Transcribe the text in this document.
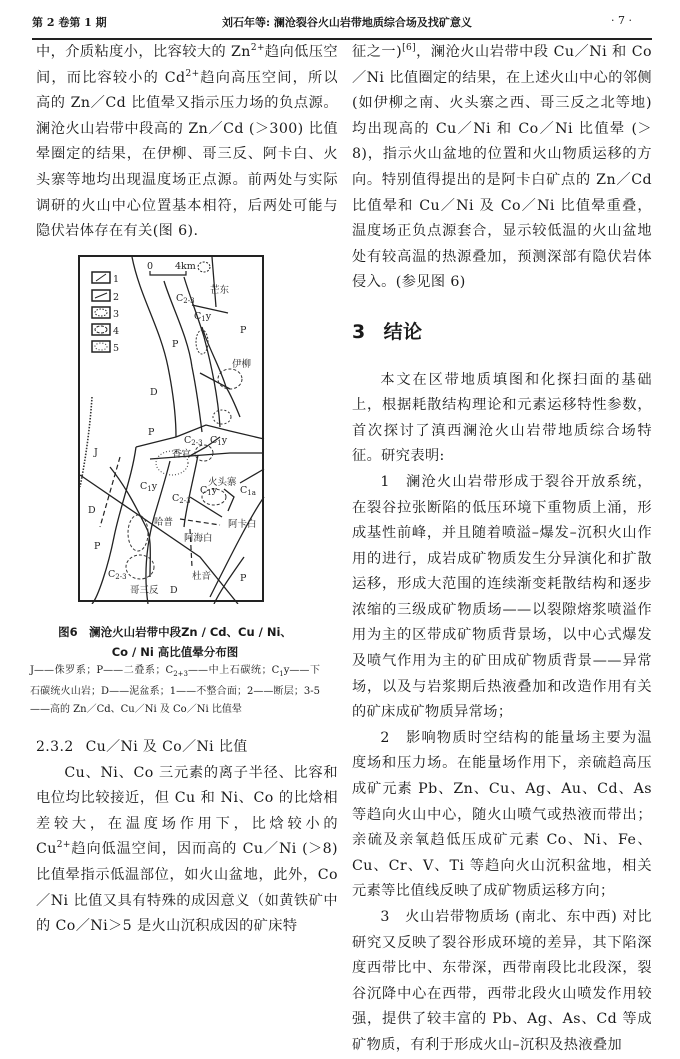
第 2 卷第 1 期	刘石年等: 澜沧裂谷火山岩带地质综合场及找矿意义	· 7 ·

中，介质粘度小，比容较大的 $Zn^{2+}$趋向低压空间，而比容较小的 $Cd^{2+}$趋向高压空间，所以高的 Zn／Cd 比值晕又指示压力场的负点源。澜沧火山岩带中段高的 Zn／Cd (＞300) 比值晕圈定的结果，在伊柳、哥三反、阿卡白、火头寨等地均出现温度场正点源。前两处与实际调研的火山中心位置基本相符，后两处可能与隐伏岩体存在有关(图 6).

1
2
3
4
5
0 4km
芒东
伊柳
香官
火头寨
阿卡白
哈普
阿海白
哥三反
杜音
$C_{2-3}$
$C_1y$
P
P
D
P
$C_{2-3}$ $C_1y$
J
$C_1y$
$C_{2-3}$
$C_1y$ $C_{1a}$
D
P
$C_{2-3}$
D
P
图6　澜沧火山岩带中段Zn / Cd、Cu / Ni、
Co / Ni 高比值晕分布图
J——侏罗系；P——二叠系；$C_{2+3}——$中上石碳统；$C_1y——$下石碳统火山岩；D——泥盆系；1——不整合面；2——断层；3-5——高的 Zn／Cd、Cu／Ni 及 Co／Ni 比值晕
2.3.2 Cu／Ni 及 Co／Ni 比值

Cu、Ni、Co 三元素的离子半径、比容和电位均比较接近，但 Cu 和 Ni、Co 的比焓相差较大，在温度场作用下，比焓较小的 $Cu^{2+}$趋向低温空间，因而高的 Cu／Ni (＞8) 比值晕指示低温部位，如火山盆地，此外，Co／Ni 比值又具有特殊的成因意义（如黄铁矿中的 Co／Ni＞5 是火山沉积成因的矿床特

征之一)[6]，澜沧火山岩带中段 Cu／Ni 和 Co／Ni 比值圈定的结果，在上述火山中心的邻侧 (如伊柳之南、火头寨之西、哥三反之北等地) 均出现高的 Cu／Ni 和 Co／Ni 比值晕 (＞8)，指示火山盆地的位置和火山物质运移的方向。特别值得提出的是阿卡白矿点的 Zn／Cd 比值晕和 Cu／Ni 及 Co／Ni 比值晕重叠，温度场正负点源套合，显示较低温的火山盆地处有较高温的热源叠加，预测深部有隐伏岩体侵入。(参见图 6)

3 结论

本文在区带地质填图和化探扫面的基础上，根据耗散结构理论和元素运移特性参数，首次探讨了滇西澜沧火山岩带地质综合场特征。研究表明:

1　澜沧火山岩带形成于裂谷开放系统，在裂谷拉张断陷的低压环境下重物质上涌，形成基性前峰，并且随着喷溢–爆发–沉积火山作用的进行，成岩成矿物质发生分异演化和扩散运移，形成大范围的连续渐变耗散结构和逐步浓缩的三级成矿物质场——以裂隙熔浆喷溢作用为主的区带成矿物质背景场，以中心式爆发及喷气作用为主的矿田成矿物质背景——异常场，以及与岩浆期后热液叠加和改造作用有关的矿床成矿物质异常场；

2　影响物质时空结构的能量场主要为温度场和压力场。在能量场作用下，亲硫趋高压成矿元素 Pb、Zn、Cu、Ag、Au、Cd、As 等趋向火山中心，随火山喷气或热液而带出；亲硫及亲氧趋低压成矿元素 Co、Ni、Fe、Cu、Cr、V、Ti 等趋向火山沉积盆地，相关元素等比值线反映了成矿物质运移方向；

3　火山岩带物质场 (南北、东中西) 对比研究又反映了裂谷形成环境的差异，其下陷深度西带比中、东带深，西带南段比北段深，裂谷沉降中心在西带，西带北段火山喷发作用较强，提供了较丰富的 Pb、Ag、As、Cd 等成矿物质，有利于形成火山–沉积及热液叠加
